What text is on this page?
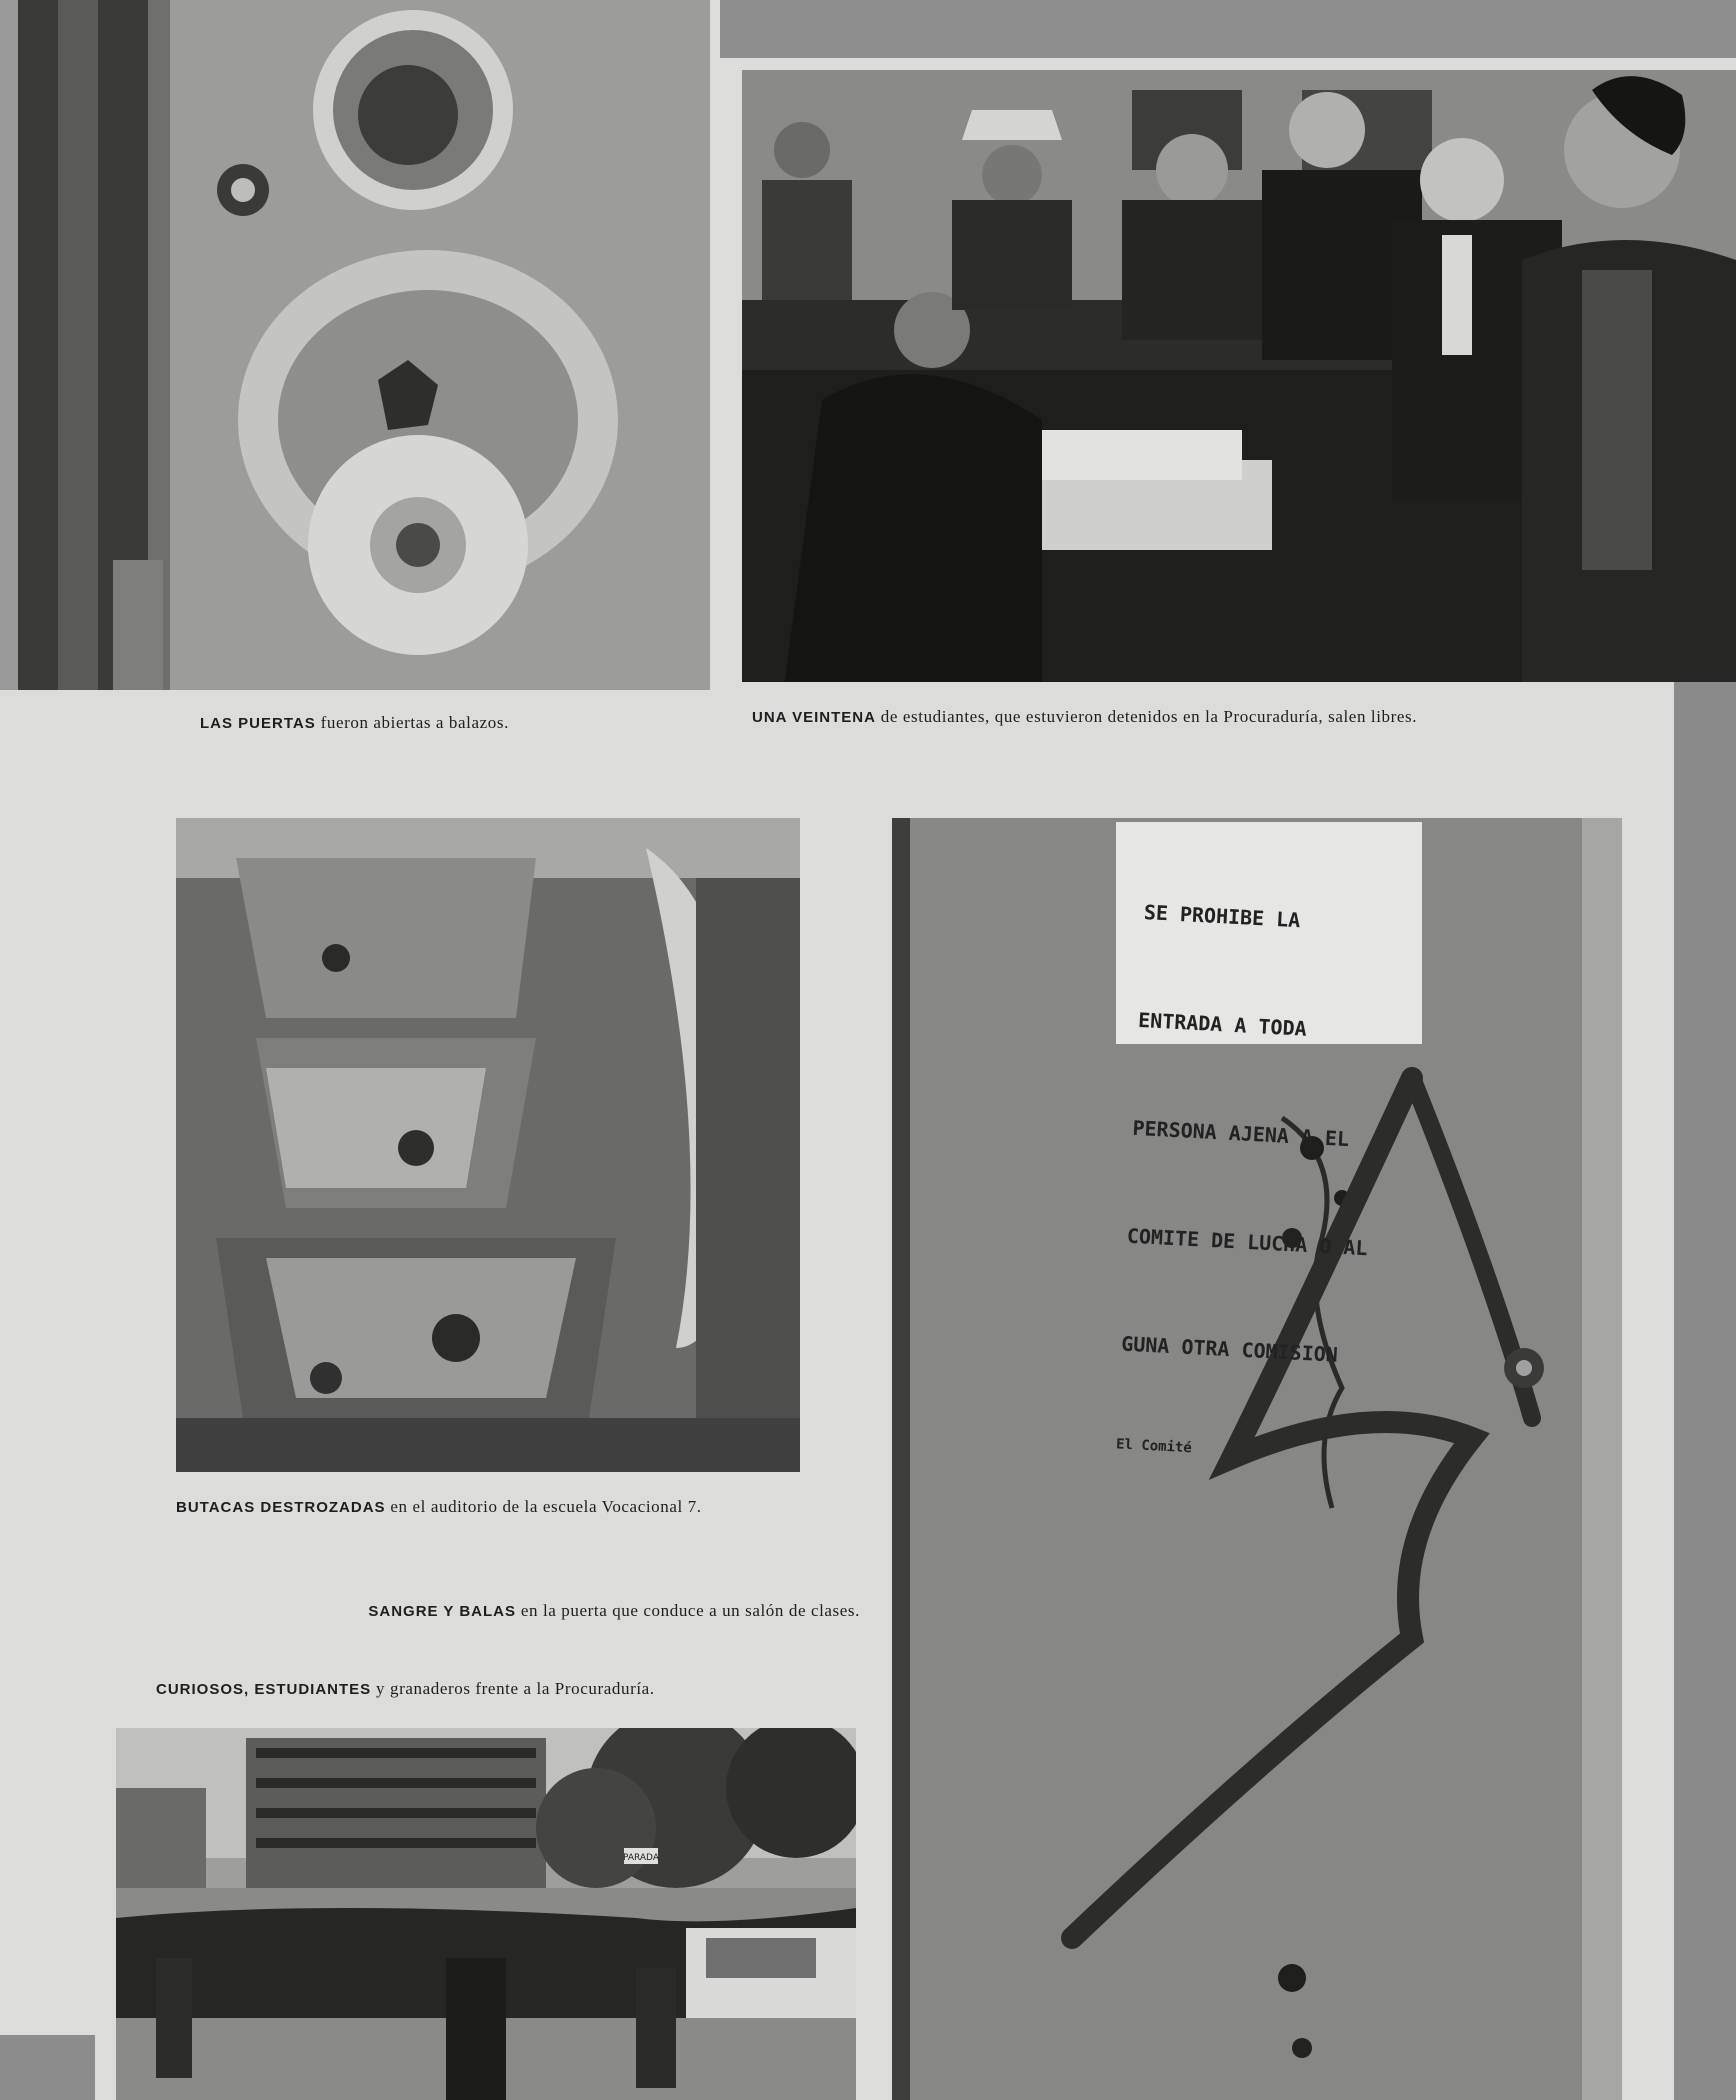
LAS PUERTAS fueron abiertas a balazos.	UNA VEINTENA de estudiantes, que estuvieron detenidos en la Procuraduría, salen libres.
BUTACAS DESTROZADAS en el auditorio de la escuela Vocacional 7.
SANGRE Y BALAS en la puerta que conduce a un salón de clases.
CURIOSOS, ESTUDIANTES y granaderos frente a la Procuraduría.
PARADA

SE PROHIBE LA

ENTRADA A TODA

PERSONA AJENA A EL

COMITE DE LUCHA O AL

GUNA OTRA COMISION

El Comité
